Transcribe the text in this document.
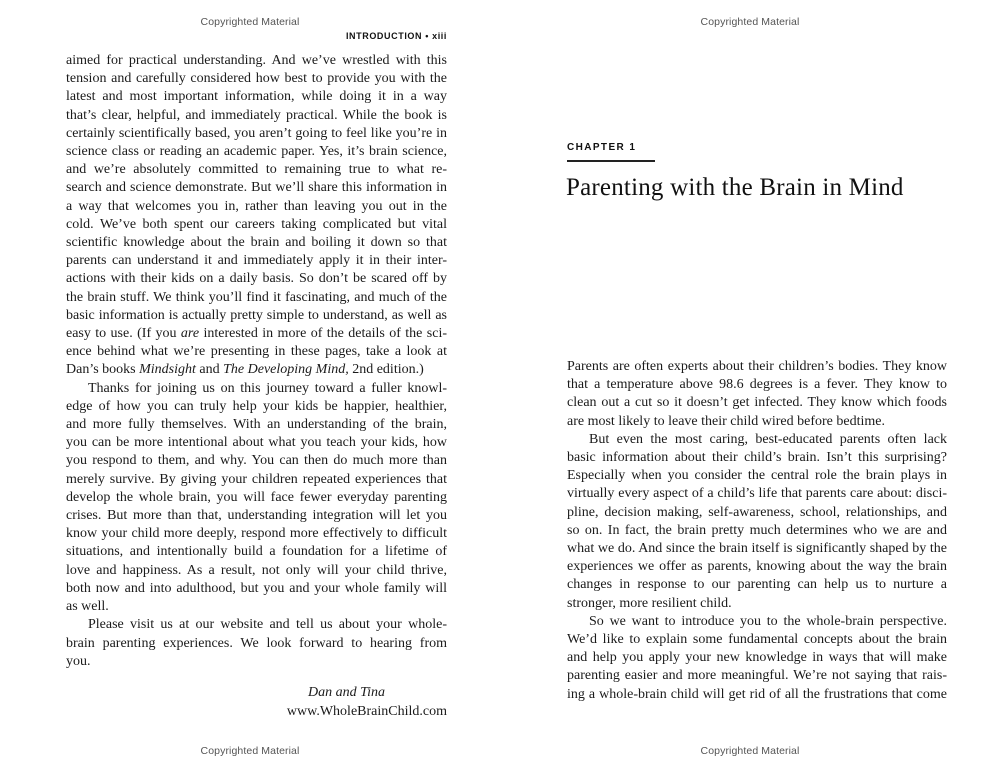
Copyrighted Material
INTRODUCTION • xiii
aimed for practical understanding. And we’ve wrestled with this
tension and carefully considered how best to provide you with the
latest and most important information, while doing it in a way
that’s clear, helpful, and immediately practical. While the book is
certainly scientifically based, you aren’t going to feel like you’re in
science class or reading an academic paper. Yes, it’s brain science,
and we’re absolutely committed to remaining true to what re-
search and science demonstrate. But we’ll share this information in
a way that welcomes you in, rather than leaving you out in the
cold. We’ve both spent our careers taking complicated but vital
scientific knowledge about the brain and boiling it down so that
parents can understand it and immediately apply it in their inter-
actions with their kids on a daily basis. So don’t be scared off by
the brain stuff. We think you’ll find it fascinating, and much of the
basic information is actually pretty simple to understand, as well as
easy to use. (If you are interested in more of the details of the sci-
ence behind what we’re presenting in these pages, take a look at
Dan’s books Mindsight and The Developing Mind, 2nd edition.)
Thanks for joining us on this journey toward a fuller knowl-
edge of how you can truly help your kids be happier, healthier,
and more fully themselves. With an understanding of the brain,
you can be more intentional about what you teach your kids, how
you respond to them, and why. You can then do much more than
merely survive. By giving your children repeated experiences that
develop the whole brain, you will face fewer everyday parenting
crises. But more than that, understanding integration will let you
know your child more deeply, respond more effectively to difficult
situations, and intentionally build a foundation for a lifetime of
love and happiness. As a result, not only will your child thrive,
both now and into adulthood, but you and your whole family will
as well.
Please visit us at our website and tell us about your whole-
brain parenting experiences. We look forward to hearing from
you.
Dan and Tina
www.WholeBrainChild.com
Copyrighted Material
Copyrighted Material
CHAPTER 1
Parenting with the Brain in Mind
Parents are often experts about their children’s bodies. They know
that a temperature above 98.6 degrees is a fever. They know to
clean out a cut so it doesn’t get infected. They know which foods
are most likely to leave their child wired before bedtime.
But even the most caring, best-educated parents often lack
basic information about their child’s brain. Isn’t this surprising?
Especially when you consider the central role the brain plays in
virtually every aspect of a child’s life that parents care about: disci-
pline, decision making, self-awareness, school, relationships, and
so on. In fact, the brain pretty much determines who we are and
what we do. And since the brain itself is significantly shaped by the
experiences we offer as parents, knowing about the way the brain
changes in response to our parenting can help us to nurture a
stronger, more resilient child.
So we want to introduce you to the whole-brain perspective.
We’d like to explain some fundamental concepts about the brain
and help you apply your new knowledge in ways that will make
parenting easier and more meaningful. We’re not saying that rais-
ing a whole-brain child will get rid of all the frustrations that come
Copyrighted Material
